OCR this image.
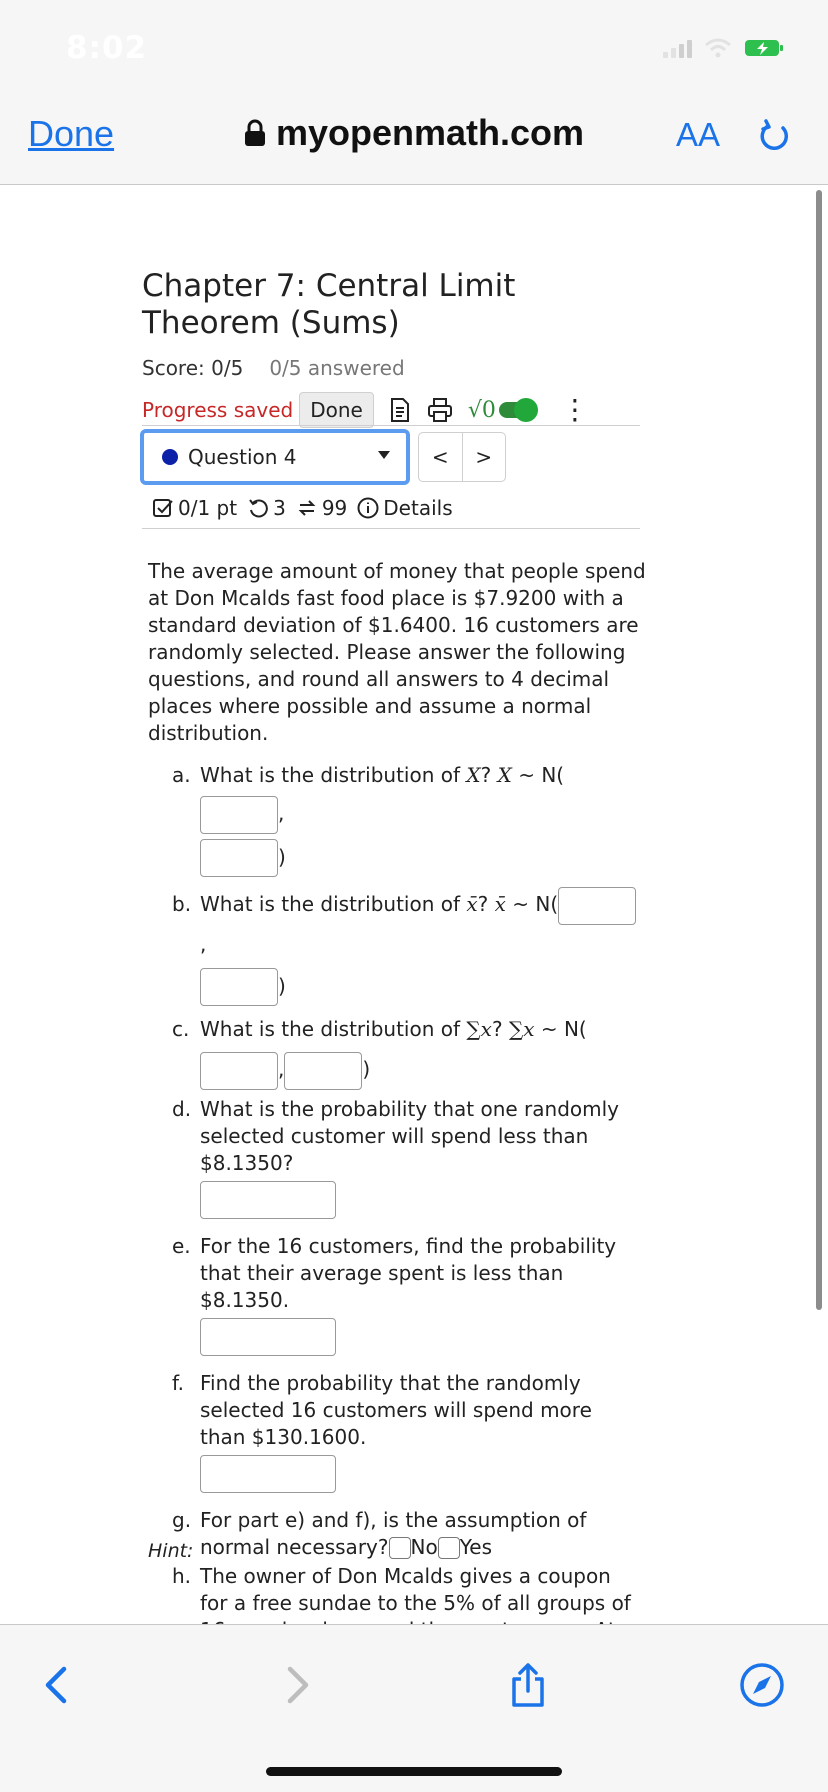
8:02
Done	myopenmath.com	AA
Chapter 7: Central Limit Theorem (Sums)
Score: 0/5 0/5 answered
Progress saved Done	√0 ⋮
Question 4	<	>
0/1 pt 3 99 Details

The average amount of money that people spend at Don Mcalds fast food place is $7.9200 with a standard deviation of $1.6400. 16 customers are randomly selected. Please answer the following questions, and round all answers to 4 decimal places where possible and assume a normal distribution.

a. What is the distribution of X? X ~ N(,
)
b. What is the distribution of x̄? x̄ ~ N(,
)
c. What is the distribution of ∑x? ∑x ~ N(
,	)
d. What is the probability that one randomly selected customer will spend less than $8.1350?
e. For the 16 customers, find the probability that their average spent is less than $8.1350.
f. Find the probability that the randomly selected 16 customers will spend more than $130.1600.
g. For part e) and f), is the assumption of normal necessary? No Yes
h. The owner of Don Mcalds gives a coupon for a free sundae to the 5% of all groups of
Hint:
